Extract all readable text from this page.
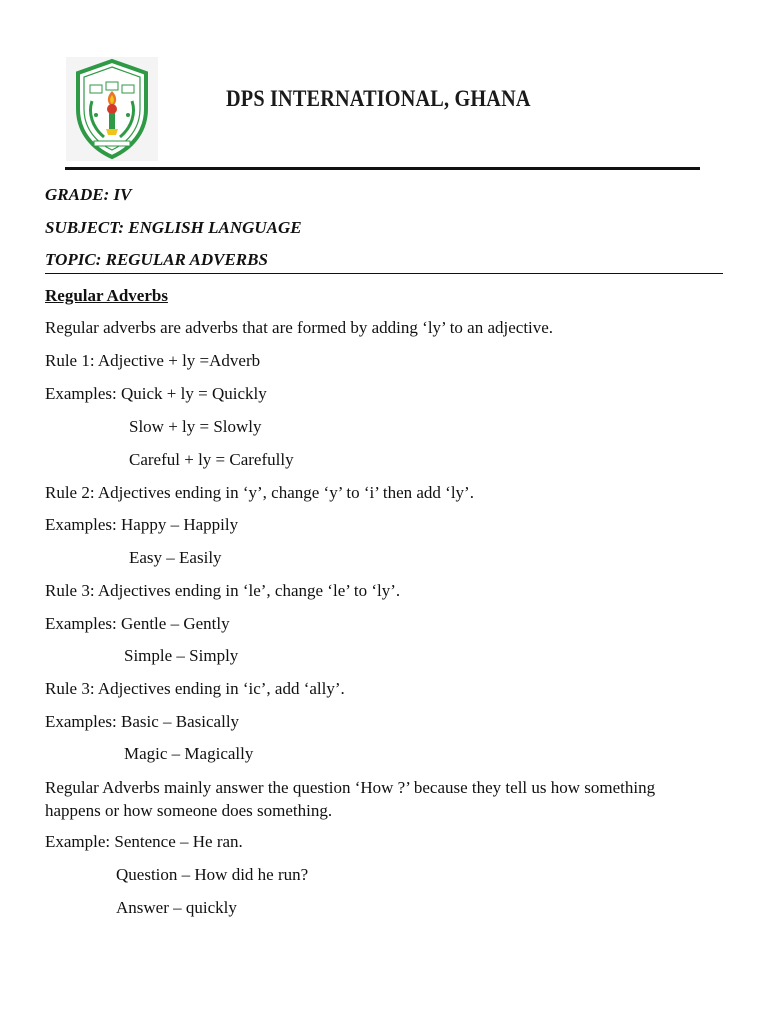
DPS INTERNATIONAL, GHANA
GRADE: IV
SUBJECT: ENGLISH LANGUAGE
TOPIC: REGULAR ADVERBS
Regular Adverbs
Regular adverbs are adverbs that are formed by adding ‘ly’ to an adjective.
Rule 1: Adjective + ly =Adverb
Examples: Quick + ly = Quickly
Slow + ly = Slowly
Careful + ly = Carefully
Rule 2: Adjectives ending in ‘y’, change ‘y’ to ‘i’ then add ‘ly’.
Examples: Happy – Happily
Easy – Easily
Rule 3: Adjectives ending in ‘le’, change ‘le’ to ‘ly’.
Examples: Gentle – Gently
Simple – Simply
Rule 3: Adjectives ending in ‘ic’, add ‘ally’.
Examples: Basic – Basically
Magic – Magically
Regular Adverbs mainly answer the question ‘How ?’ because they tell us how something happens or how someone does something.
Example: Sentence – He ran.
Question – How did he run?
Answer – quickly
